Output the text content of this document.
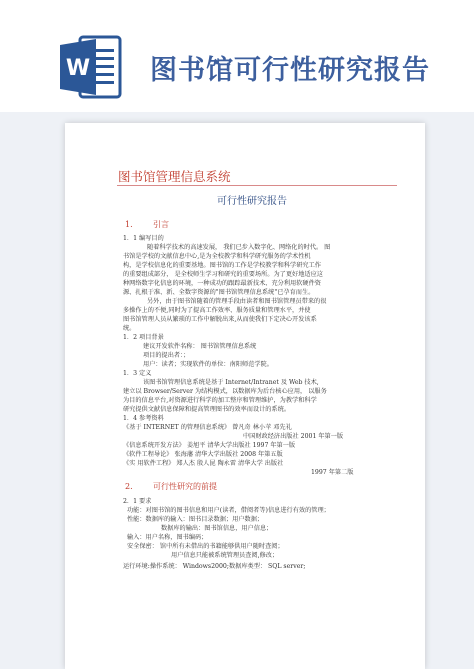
W 图书馆可行性研究报告
图书馆管理信息系统
可行性研究报告
1.	引言
1．1 编写目的
随着科学技术的高速发展， 我们已步入数字化、网络化的时代。 图
书馆是学校的文献信息中心,是为全校教学和科学研究服务的学术性机
构，是学校信息化的重要基地。图书馆的工作是学校教学和科学研究工作
的重要组成部分， 是全校师生学习和研究的重要场所。为了更好地适应这
种网络数字化信息的环境，一种成功的跟踪最新技术、充分利用软硬件资
源、扎根于准、新、全数字资源的"图书馆管理信息系统"已孕育而生。
另外，由于图书馆随着的管理手段由读者和图书馆管理员带来的很
多操作上的不便,同时为了提高工作效率、服务质量和管理水平，并使
图书馆管理人员从繁琐的工作中解脱出来,从而使我们下定决心开发该系
统。
1．2 项目背景
建议开发软件名称： 图书馆管理信息系统
项目的提出者：；
用户：读者；实现软件的单位：南阳师范学院。
1．3 定义
该图书馆管理信息系统是基于 Internet/Intranet 及 Web 技术,
建立以 Browser/Server 为结构模式，以数据库为后台核心应用， 以服务
为目的信息平台,对资源进行科学的加工整序和管理维护，为教学和科学
研究提供文献信息保障和提高管理图书的效率而设计的系统。
1．4 参考资料
《基于 INTERNET 的管理信息系统》 曾凡奇 林小苹 邓先礼
中国财政经济出版社 2001 年第一版
《信息系统开发方法》 姜旭平 清华大学出版社 1997 年第一版
《软件工程导论》 张海藩 清华大学出版社 2008 年第五版
《实 用软件工程》 郑人杰 殷人昆 陶永雷 清华大学 出版社
1997 年第二版
2.	可行性研究的前提
2．1 要求
功能：对图书馆的图书信息和用户(读者，借阅者等)信息进行有效的管理；
性能：数据库的输入：图书目录数据；用户数据；
数据库的输出：图书馆信息，用户信息；
输入：用户名称，图书编码；
安全保密： 馆中所有未借出的书籍能够供用户随时查阅；
用户信息只能被系统管理员查阅,修改；
运行环境:操作系统： Windows2000;数据库类型： SQL server;
